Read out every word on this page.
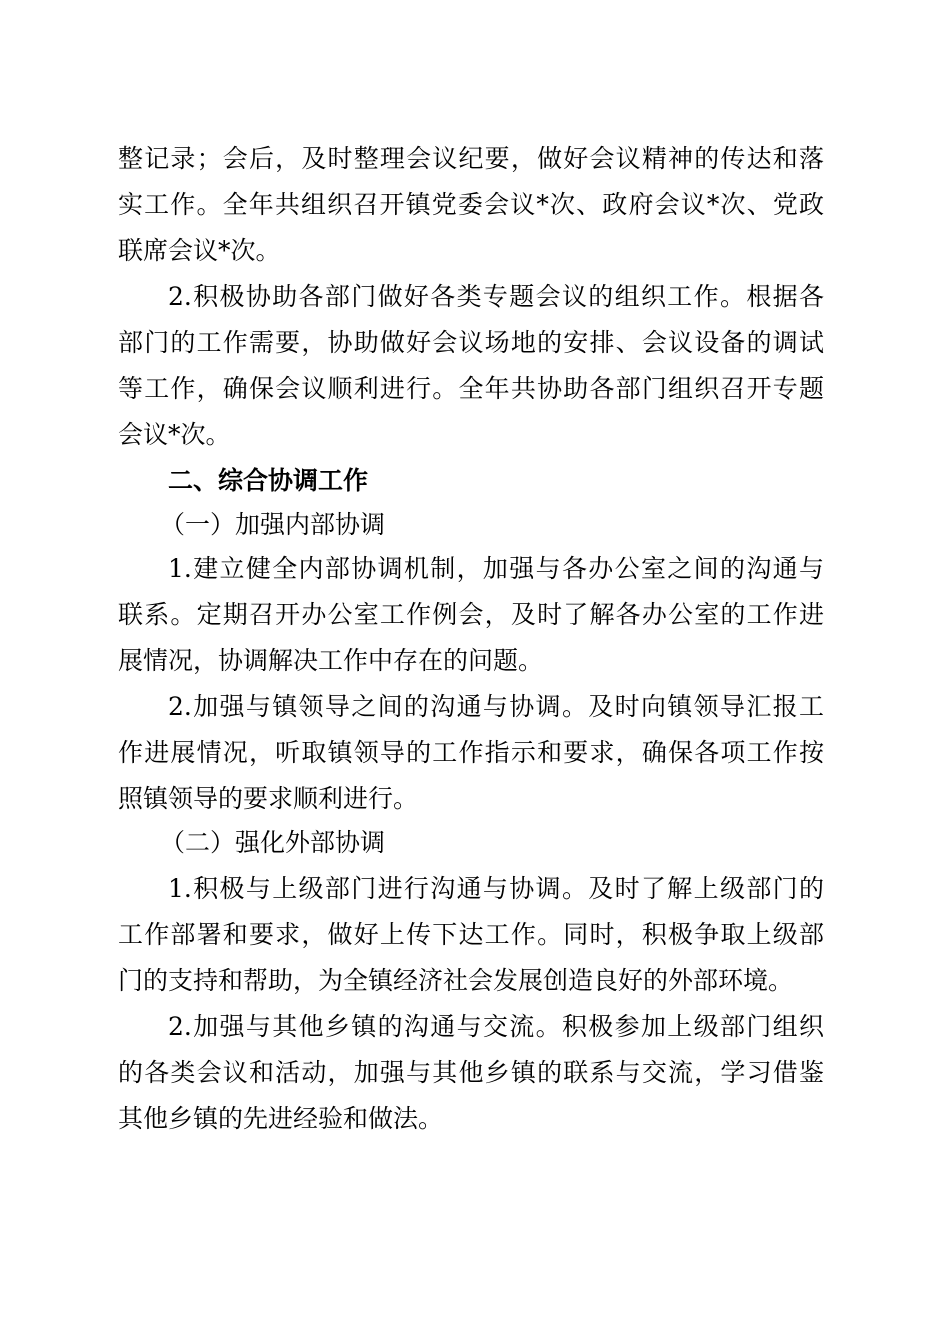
整记录；会后，及时整理会议纪要，做好会议精神的传达和落
实工作。全年共组织召开镇党委会议*次、政府会议*次、党政
联席会议*次。
2.积极协助各部门做好各类专题会议的组织工作。根据各
部门的工作需要，协助做好会议场地的安排、会议设备的调试
等工作，确保会议顺利进行。全年共协助各部门组织召开专题
会议*次。
二、综合协调工作
（一）加强内部协调
1.建立健全内部协调机制，加强与各办公室之间的沟通与
联系。定期召开办公室工作例会，及时了解各办公室的工作进
展情况，协调解决工作中存在的问题。
2.加强与镇领导之间的沟通与协调。及时向镇领导汇报工
作进展情况，听取镇领导的工作指示和要求，确保各项工作按
照镇领导的要求顺利进行。
（二）强化外部协调
1.积极与上级部门进行沟通与协调。及时了解上级部门的
工作部署和要求，做好上传下达工作。同时，积极争取上级部
门的支持和帮助，为全镇经济社会发展创造良好的外部环境。
2.加强与其他乡镇的沟通与交流。积极参加上级部门组织
的各类会议和活动，加强与其他乡镇的联系与交流，学习借鉴
其他乡镇的先进经验和做法。
